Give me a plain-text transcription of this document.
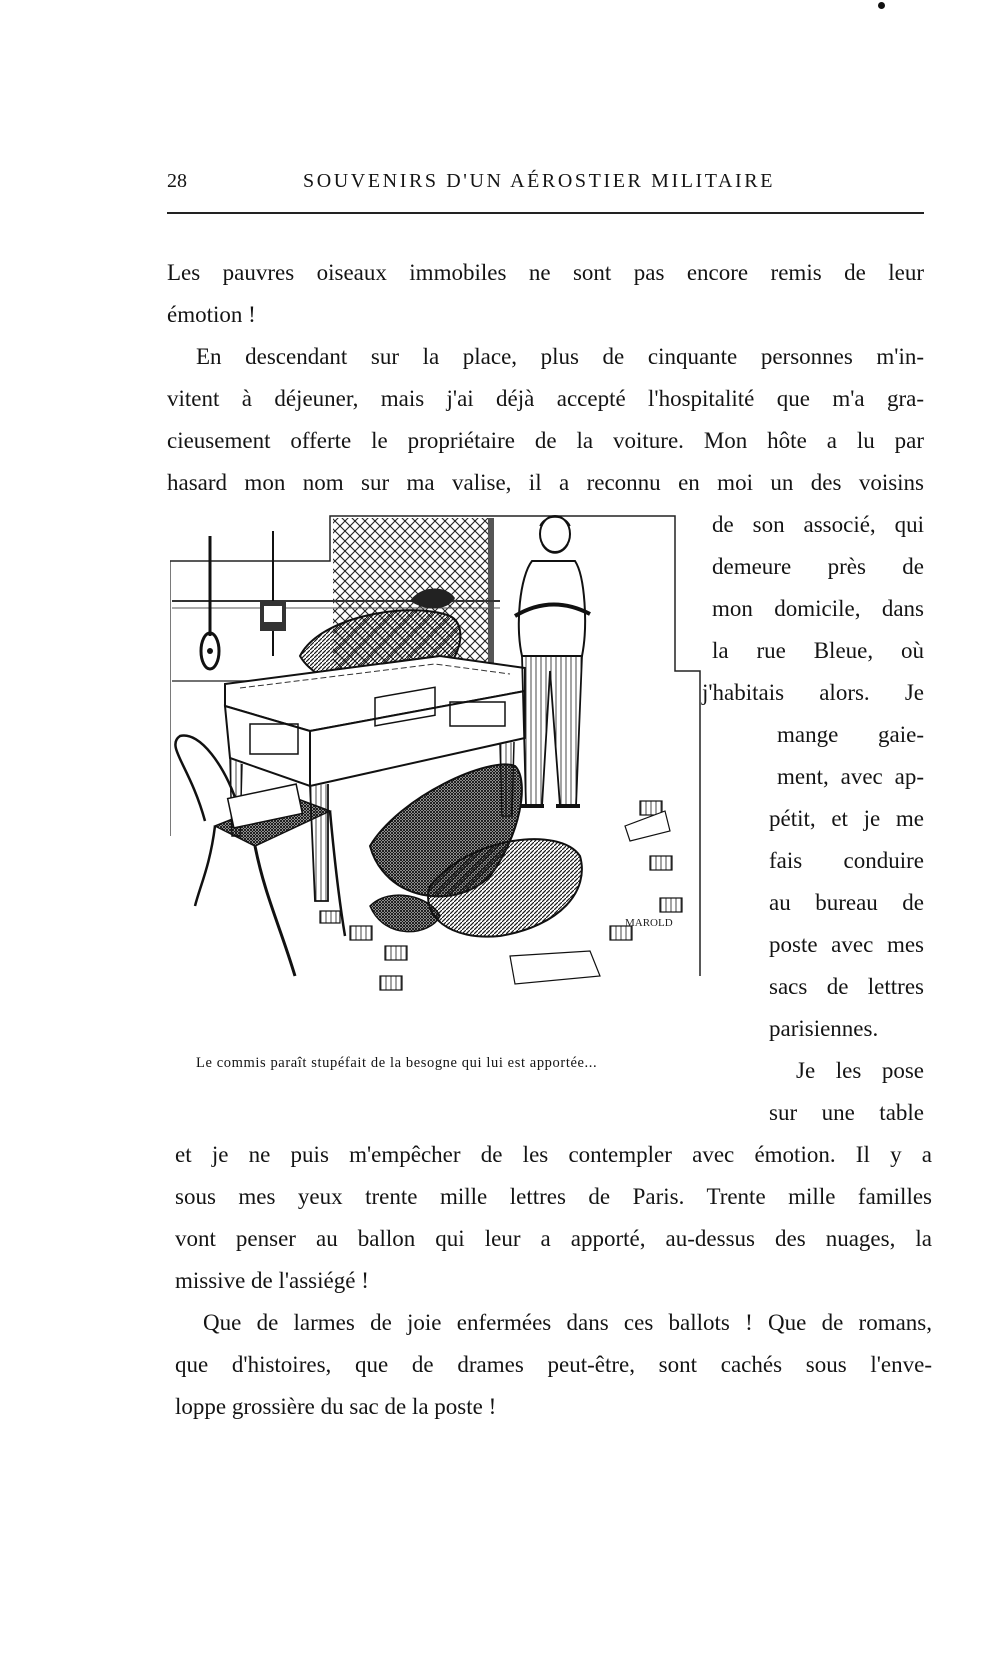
28	SOUVENIRS D'UN AÉROSTIER MILITAIRE
Les pauvres oiseaux immobiles ne sont pas encore remis de leur
émotion !
En descendant sur la place, plus de cinquante personnes m'in-
vitent à déjeuner, mais j'ai déjà accepté l'hospitalité que m'a gra-
cieusement offerte le propriétaire de la voiture. Mon hôte a lu par
hasard mon nom sur ma valise, il a reconnu en moi un des voisins
de son associé, qui
demeure près de
mon domicile, dans
la rue Bleue, où
j'habitais alors. Je
mange gaie-
ment, avec ap-
pétit, et je me
fais conduire
au bureau de
poste avec mes
sacs de lettres
parisiennes.
Je les pose
sur une table
et je ne puis m'empêcher de les contempler avec émotion. Il y a
sous mes yeux trente mille lettres de Paris. Trente mille familles
vont penser au ballon qui leur a apporté, au-dessus des nuages, la
missive de l'assiégé !
Que de larmes de joie enfermées dans ces ballots ! Que de romans,
que d'histoires, que de drames peut-être, sont cachés sous l'enve-
loppe grossière du sac de la poste !
MAROLD
Le commis paraît stupéfait de la besogne qui lui est apportée...
